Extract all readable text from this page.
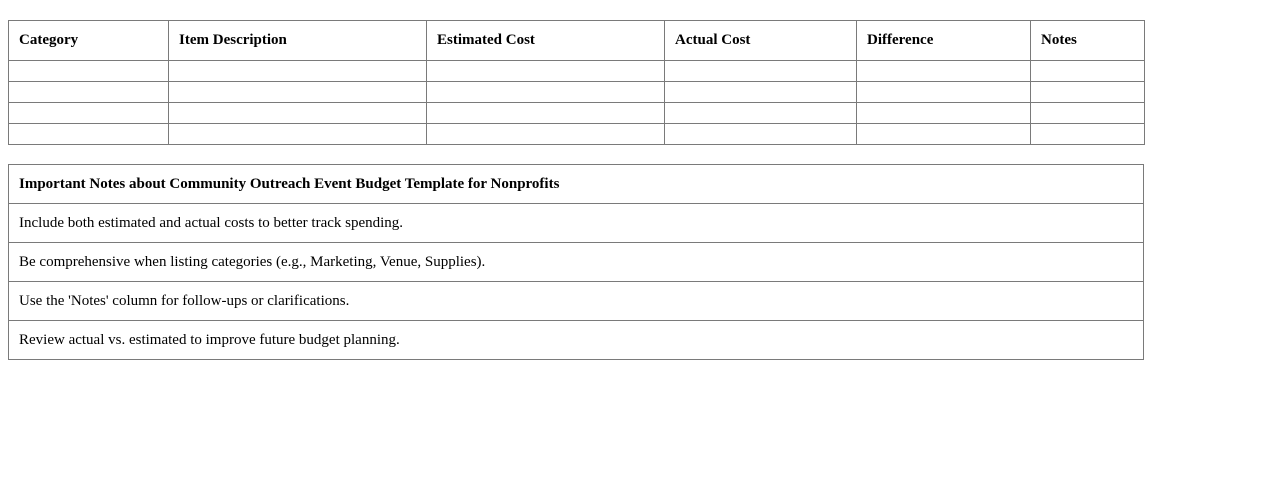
Category	Item Description	Estimated Cost	Actual Cost	Difference	Notes

Important Notes about Community Outreach Event Budget Template for Nonprofits
Include both estimated and actual costs to better track spending.
Be comprehensive when listing categories (e.g., Marketing, Venue, Supplies).
Use the 'Notes' column for follow-ups or clarifications.
Review actual vs. estimated to improve future budget planning.
